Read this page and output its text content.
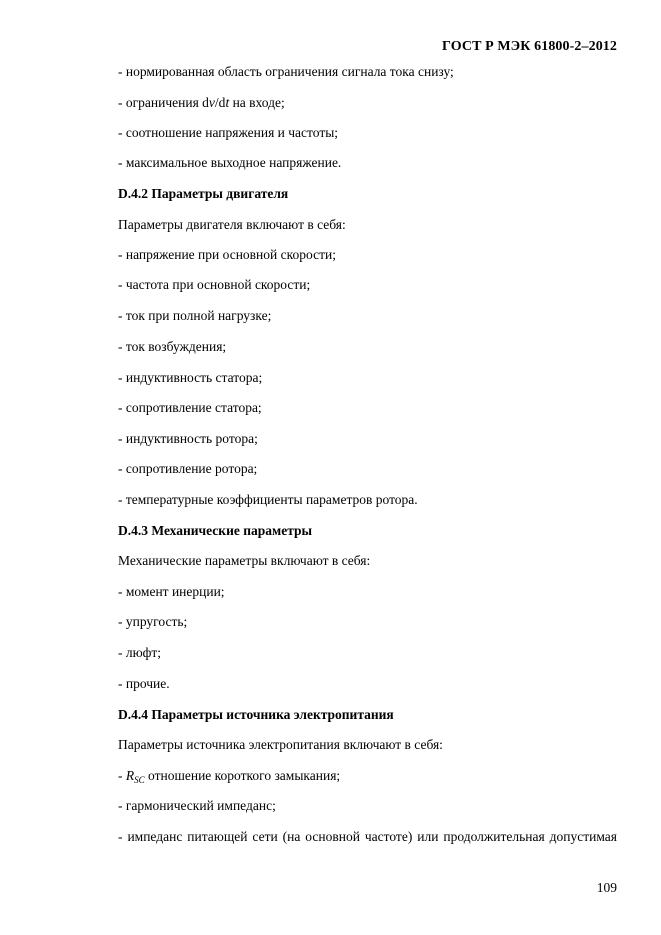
ГОСТ Р МЭК 61800-2–2012
- нормированная область ограничения сигнала тока снизу;
- ограничения dv/dt на входе;
- соотношение напряжения и частоты;
- максимальное выходное напряжение.
D.4.2 Параметры двигателя
Параметры двигателя включают в себя:
- напряжение при основной скорости;
- частота при основной скорости;
- ток при полной нагрузке;
- ток возбуждения;
- индуктивность статора;
- сопротивление статора;
- индуктивность ротора;
- сопротивление ротора;
- температурные коэффициенты параметров ротора.
D.4.3 Механические параметры
Механические параметры включают в себя:
- момент инерции;
- упругость;
- люфт;
- прочие.
D.4.4 Параметры источника электропитания
Параметры источника электропитания включают в себя:
- $R_{SC}$ отношение короткого замыкания;
- гармонический импеданс;
- импеданс питающей сети (на основной частоте) или продолжительная допустимая
109
